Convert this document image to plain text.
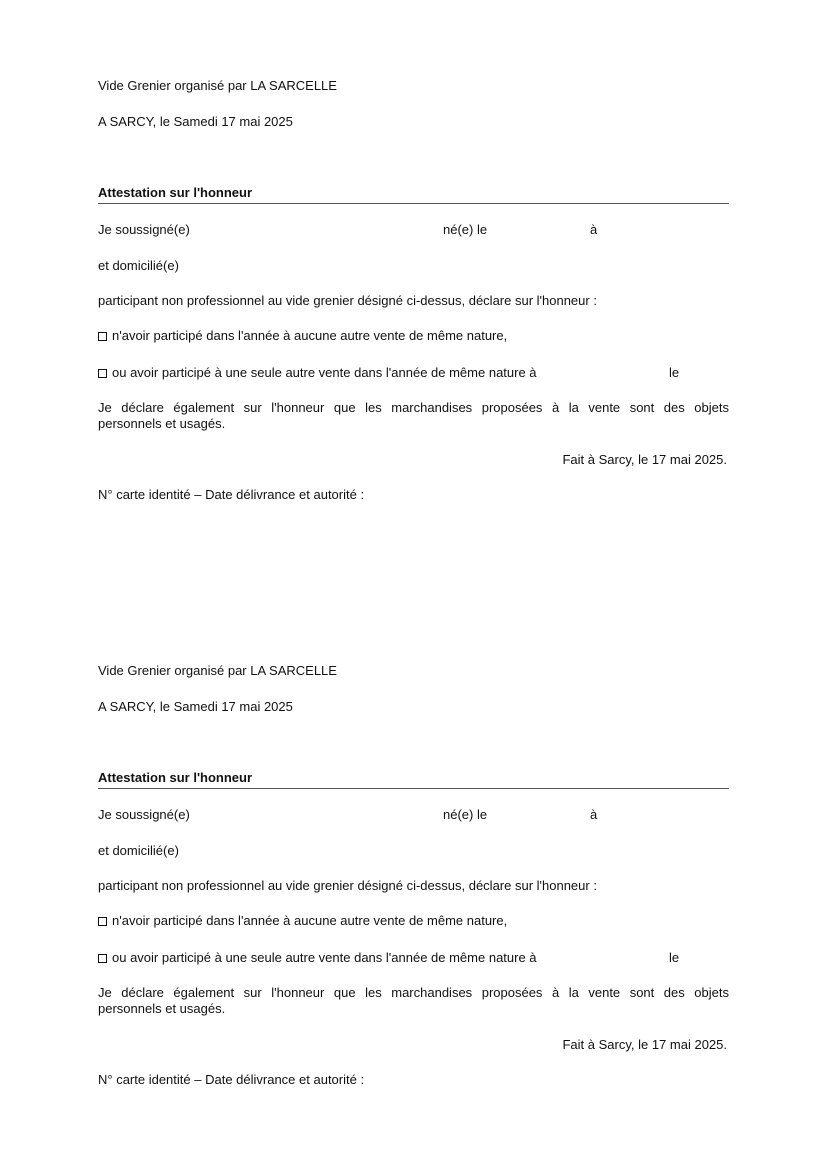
Vide Grenier organisé par LA SARCELLE
A SARCY, le Samedi 17 mai 2025
Attestation sur l'honneur
Je soussigné(e)	né(e) le	à
et domicilié(e)
participant non professionnel au vide grenier désigné ci-dessus, déclare sur l'honneur :
n'avoir participé dans l'année à aucune autre vente de même nature,
ou avoir participé à une seule autre vente dans l'année de même nature à	le
Je déclare également sur l'honneur que les marchandises proposées à la vente sont des objets
personnels et usagés.
Fait à Sarcy, le 17 mai 2025.
N° carte identité – Date délivrance et autorité :
Vide Grenier organisé par LA SARCELLE
A SARCY, le Samedi 17 mai 2025
Attestation sur l'honneur
Je soussigné(e)	né(e) le	à
et domicilié(e)
participant non professionnel au vide grenier désigné ci-dessus, déclare sur l'honneur :
n'avoir participé dans l'année à aucune autre vente de même nature,
ou avoir participé à une seule autre vente dans l'année de même nature à	le
Je déclare également sur l'honneur que les marchandises proposées à la vente sont des objets
personnels et usagés.
Fait à Sarcy, le 17 mai 2025.
N° carte identité – Date délivrance et autorité :
